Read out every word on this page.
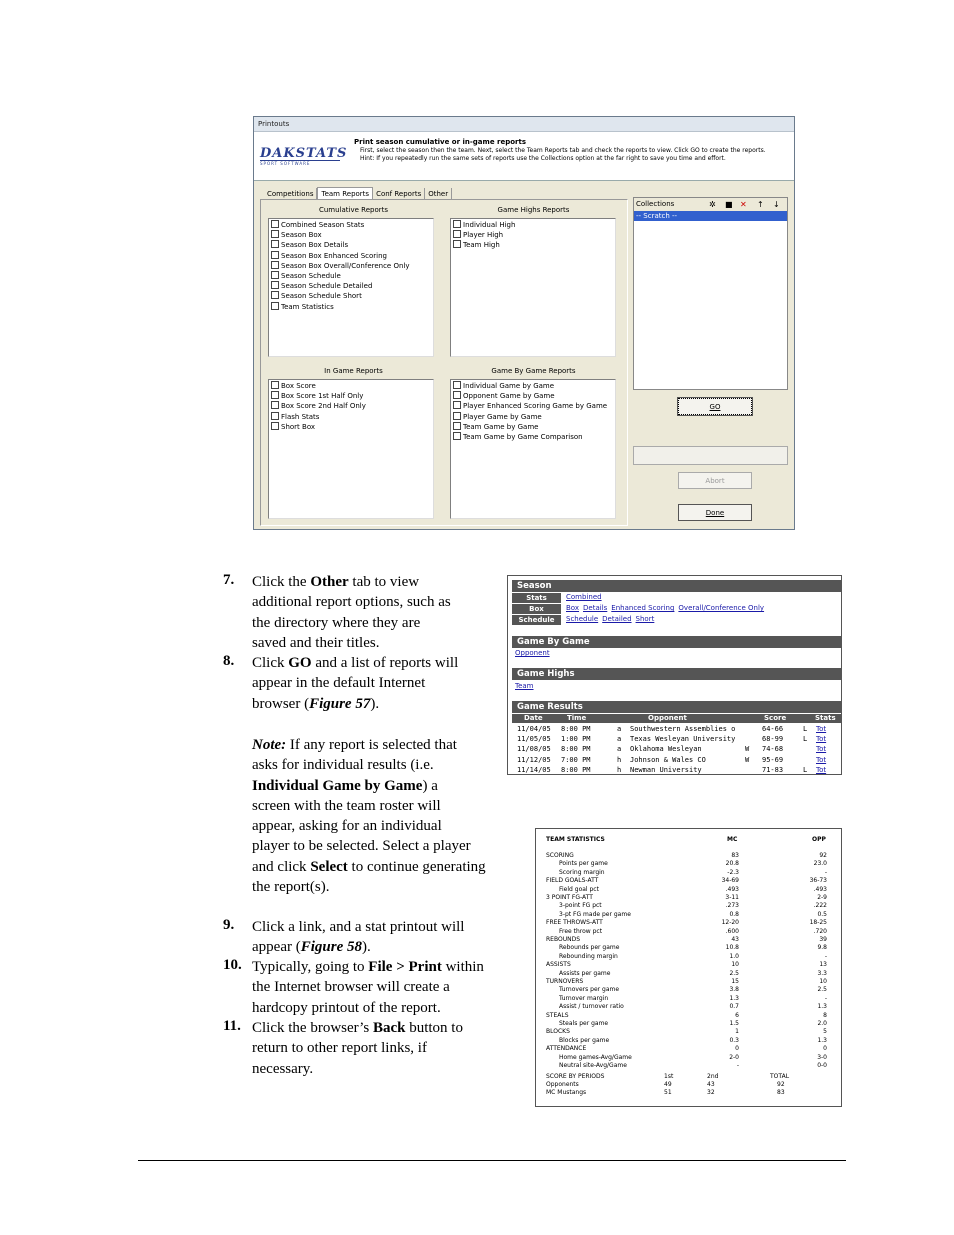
Printouts
DAKSTATS
SPORT SOFTWARE
Print season cumulative or in-game reports
First, select the season then the team. Next, select the Team Reports tab and check the reports to view. Click GO to create the reports.
Hint: If you repeatedly run the same sets of reports use the Collections option at the far right to save you time and effort.
Competitions Team Reports Conf Reports Other
Cumulative Reports
Combined Season Stats
Season Box
Season Box Details
Season Box Enhanced Scoring
Season Box Overall/Conference Only
Season Schedule
Season Schedule Detailed
Season Schedule Short
Team Statistics
Game Highs Reports
Individual High
Player High
Team High
In Game Reports
Box Score
Box Score 1st Half Only
Box Score 2nd Half Only
Flash Stats
Short Box
Game By Game Reports
Individual Game by Game
Opponent Game by Game
Player Enhanced Scoring Game by Game
Player Game by Game
Team Game by Game
Team Game by Game Comparison
Collections	✲ ■ ✕ ↑ ↓
-- Scratch --
GO
Abort
Done
7. Click the Other tab to view
additional report options, such as
the directory where they are
saved and their titles.
8. Click GO and a list of reports will
appear in the default Internet
browser (Figure 57).
Note: If any report is selected that
asks for individual results (i.e.
Individual Game by Game) a
screen with the team roster will
appear, asking for an individual
player to be selected. Select a player
and click Select to continue generating
the report(s).
9. Click a link, and a stat printout will
appear (Figure 58).
10. Typically, going to File > Print within
the Internet browser will create a
hardcopy printout of the report.
11. Click the browser’s Back button to
return to other report links, if
necessary.
Season
Stats	Combined
Box	Box Details Enhanced Scoring Overall/Conference Only
Schedule	Schedule Detailed Short
Game By Game
Opponent
Game Highs
Team
Game Results
Date	Time	Opponent	Score	Stats
11/04/05 8:00 PM	a Southwestern Assemblies o	64-66	L Tot
11/05/05 1:00 PM	a Texas Wesleyan University	68-99	L Tot
11/08/05 8:00 PM	a Oklahoma Wesleyan	W 74-68	Tot
11/12/05 7:00 PM	h Johnson & Wales CO	W 95-69	Tot
11/14/05 8:00 PM	h Newman University	71-83	L Tot
TEAM STATISTICS	MC	OPP
SCORING	83	92
Points per game	20.8	23.0
Scoring margin	-2.3	-
FIELD GOALS-ATT	34-69	36-73
Field goal pct	.493	.493
3 POINT FG-ATT	3-11	2-9
3-point FG pct	.273	.222
3-pt FG made per game	0.8	0.5
FREE THROWS-ATT	12-20	18-25
Free throw pct	.600	.720
REBOUNDS	43	39
Rebounds per game	10.8	9.8
Rebounding margin	1.0	-
ASSISTS	10	13
Assists per game	2.5	3.3
TURNOVERS	15	10
Turnovers per game	3.8	2.5
Turnover margin	1.3	-
Assist / turnover ratio	0.7	1.3
STEALS	6	8
Steals per game	1.5	2.0
BLOCKS	1	5
Blocks per game	0.3	1.3
ATTENDANCE	0	0
Home games-Avg/Game	2-0	3-0
Neutral site-Avg/Game	-	0-0
SCORE BY PERIODS	1st	2nd	TOTAL
Opponents	49	43	92
MC Mustangs	51	32	83
